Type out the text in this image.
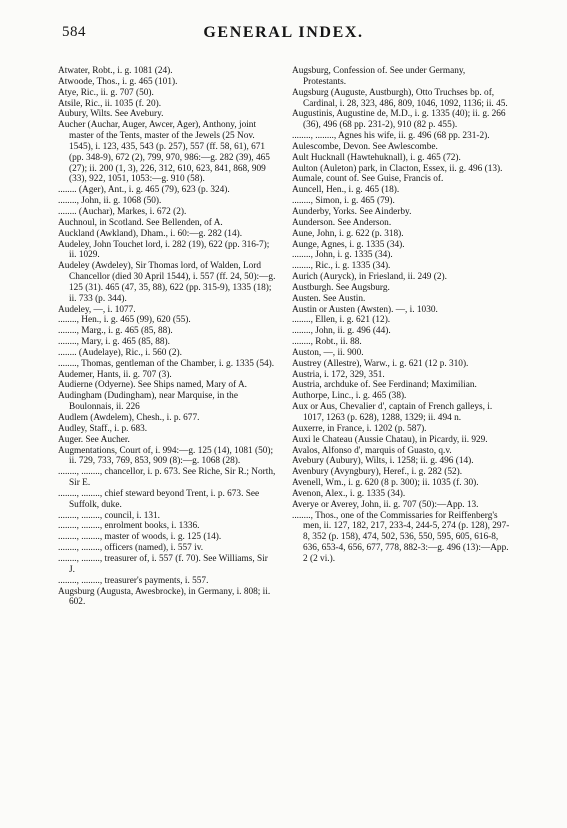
584	GENERAL INDEX.

Atwater, Robt., i. g. 1081 (24).

Atwoode, Thos., i. g. 465 (101).

Atye, Ric., ii. g. 707 (50).

Atsile, Ric., ii. 1035 (f. 20).

Aubury, Wilts. See Avebury.

Aucher (Auchar, Auger, Awcer, Ager), Anthony, joint master of the Tents, master of the Jewels (25 Nov. 1545), i. 123, 435, 543 (p. 257), 557 (ff. 58, 61), 671 (pp. 348-9), 672 (2), 799, 970, 986:—g. 282 (39), 465 (27); ii. 200 (1, 3), 226, 312, 610, 623, 841, 868, 909 (33), 922, 1051, 1053:—g. 910 (58).

........ (Ager), Ant., i. g. 465 (79), 623 (p. 324).

........, John, ii. g. 1068 (50).

........ (Auchar), Markes, i. 672 (2).

Auchnoul, in Scotland. See Bellenden, of A.

Auckland (Awkland), Dham., i. 60:—g. 282 (14).

Audeley, John Touchet lord, i. 282 (19), 622 (pp. 316-7); ii. 1029.

Audeley (Awdeley), Sir Thomas lord, of Walden, Lord Chancellor (died 30 April 1544), i. 557 (ff. 24, 50):—g. 125 (31). 465 (47, 35, 88), 622 (pp. 315-9), 1335 (18); ii. 733 (p. 344).

Audeley, —, i. 1077.

........, Hen., i. g. 465 (99), 620 (55).

........, Marg., i. g. 465 (85, 88).

........, Mary, i. g. 465 (85, 88).

........ (Audelaye), Ric., i. 560 (2).

........, Thomas, gentleman of the Chamber, i. g. 1335 (54).

Audemer, Hants, ii. g. 707 (3).

Audierne (Odyerne). See Ships named, Mary of A.

Audingham (Dudingham), near Marquise, in the Boulonnais, ii. 226

Audlem (Awdelem), Chesh., i. p. 677.

Audley, Staff., i. p. 683.

Auger. See Aucher.

Augmentations, Court of, i. 994:—g. 125 (14), 1081 (50); ii. 729, 733, 769, 853, 909 (8):—g. 1068 (28).

........, ........, chancellor, i. p. 673. See Riche, Sir R.; North, Sir E.

........, ........, chief steward beyond Trent, i. p. 673. See Suffolk, duke.

........, ........, council, i. 131.

........, ........, enrolment books, i. 1336.

........, ........, master of woods, i. g. 125 (14).

........, ........, officers (named), i. 557 iv.

........, ........, treasurer of, i. 557 (f. 70). See Williams, Sir J.

........, ........, treasurer's payments, i. 557.

Augsburg (Augusta, Awesbrocke), in Germany, i. 808; ii. 602.

Augsburg, Confession of. See under Germany, Protestants.

Augsburg (Auguste, Austburgh), Otto Truchses bp. of, Cardinal, i. 28, 323, 486, 809, 1046, 1092, 1136; ii. 45.

Augustinis, Augustine de, M.D., i. g. 1335 (40); ii. g. 266 (36), 496 (68 pp. 231-2), 910 (82 p. 455).

........, ........, Agnes his wife, ii. g. 496 (68 pp. 231-2).

Aulescombe, Devon. See Awlescombe.

Ault Hucknall (Hawtehuknall), i. g. 465 (72).

Aulton (Auleton) park, in Clacton, Essex, ii. g. 496 (13).

Aumale, count of. See Guise, Francis of.

Auncell, Hen., i. g. 465 (18).

........, Simon, i. g. 465 (79).

Aunderby, Yorks. See Ainderby.

Aunderson. See Anderson.

Aune, John, i. g. 622 (p. 318).

Aunge, Agnes, i. g. 1335 (34).

........, John, i. g. 1335 (34).

........, Ric., i. g. 1335 (34).

Aurich (Auryck), in Friesland, ii. 249 (2).

Austburgh. See Augsburg.

Austen. See Austin.

Austin or Austen (Awsten). —, i. 1030.

........, Ellen, i. g. 621 (12).

........, John, ii. g. 496 (44).

........, Robt., ii. 88.

Auston, —, ii. 900.

Austrey (Allestre), Warw., i. g. 621 (12 p. 310).

Austria, i. 172, 329, 351.

Austria, archduke of. See Ferdinand; Maximilian.

Authorpe, Linc., i. g. 465 (38).

Aux or Aus, Chevalier d', captain of French galleys, i. 1017, 1263 (p. 628), 1288, 1329; ii. 494 n.

Auxerre, in France, i. 1202 (p. 587).

Auxi le Chateau (Aussie Chatau), in Picardy, ii. 929.

Avalos, Alfonso d', marquis of Guasto, q.v.

Avebury (Aubury), Wilts, i. 1258; ii. g. 496 (14).

Avenbury (Avyngbury), Heref., i. g. 282 (52).

Avenell, Wm., i. g. 620 (8 p. 300); ii. 1035 (f. 30).

Avenon, Alex., i. g. 1335 (34).

Averye or Averey, John, ii. g. 707 (50):—App. 13.

........, Thos., one of the Commissaries for Reiffenberg's men, ii. 127, 182, 217, 233-4, 244-5, 274 (p. 128), 297-8, 352 (p. 158), 474, 502, 536, 550, 595, 605, 616-8, 636, 653-4, 656, 677, 778, 882-3:—g. 496 (13):—App. 2 (2 vi.).
